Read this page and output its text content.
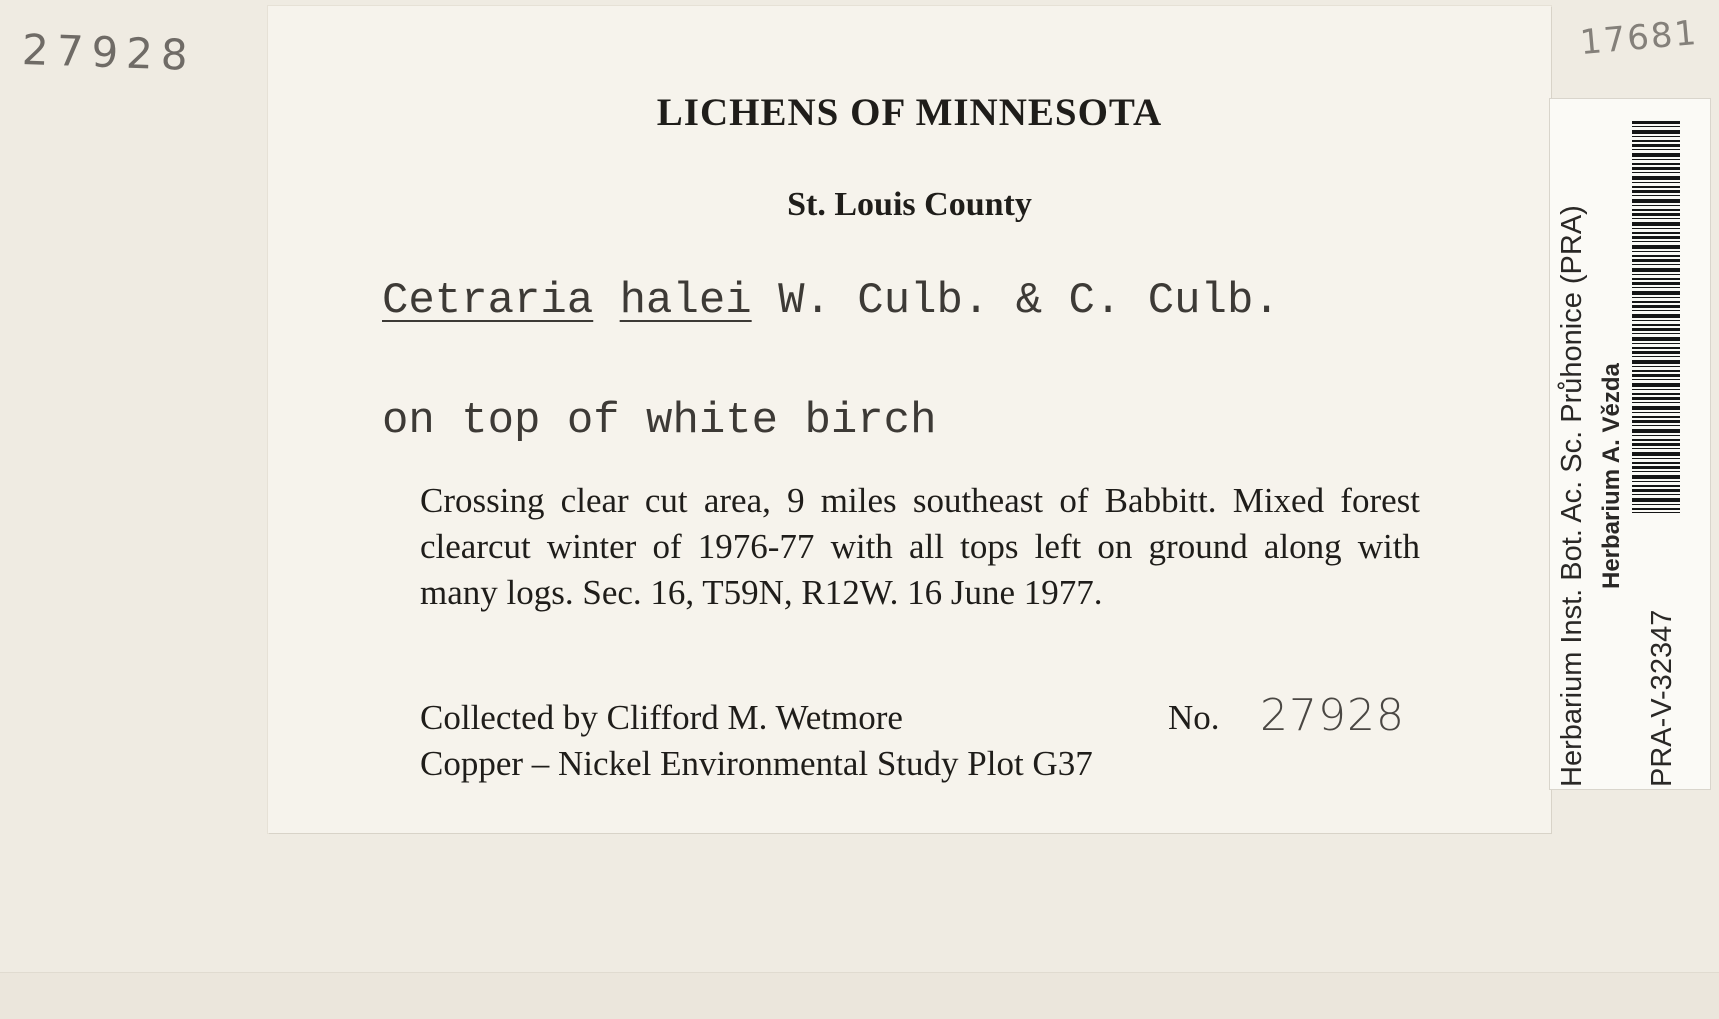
27928	17681
LICHENS OF MINNESOTA
St. Louis County
Cetraria halei W. Culb. & C. Culb.
on top of white birch
Crossing clear cut area, 9 miles southeast of Babbitt. Mixed forest clearcut winter of 1976-77 with all tops left on ground along with many logs. Sec. 16, T59N, R12W. 16 June 1977.
Collected by Clifford M. Wetmore	No. 27928
Copper – Nickel Environmental Study Plot G37	Herbarium Inst. Bot. Ac. Sc. Průhonice (PRA) Herbarium A. Vězda
PRA-V-32347
